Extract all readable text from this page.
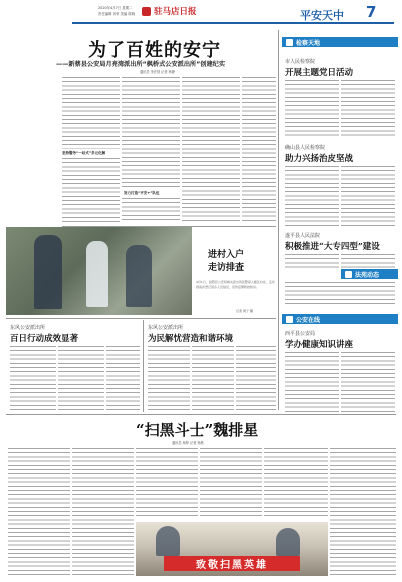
2020年4月7日 星期二
责任编辑 刘荣 美编 陈晓 驻马店日报	平安天中 7
为了百姓的安宁
——新蔡县公安局月亮湾派出所“枫桥式公安派出所”创建纪实
通讯员 李法领 记者 杨滟
坚持警务“一站式”多元化解
努力打造“平安+”队伍
检察天地
市人民检察院
开展主题党日活动
确山县人民检察院
助力兴扬治皮坚战
遂平县人民法院
积极推进“大专四型”建设
法苑动态
公安在线
西平县公安局
学办健康知识讲座
进村入户
走访排查
4月1日，泌阳县公安局城关派出所民警深入辖区村庄，走访排查并登记返乡人员信息，宣传疫情防控知识。
记者 周子 摄
东风公安派出所
百日行动成效显著
东风公安派出所
为民解忧营造和谐环境
“扫黑斗士”魏排星
通讯员 杨铎 记者 杨晨
致敬扫黑英雄
